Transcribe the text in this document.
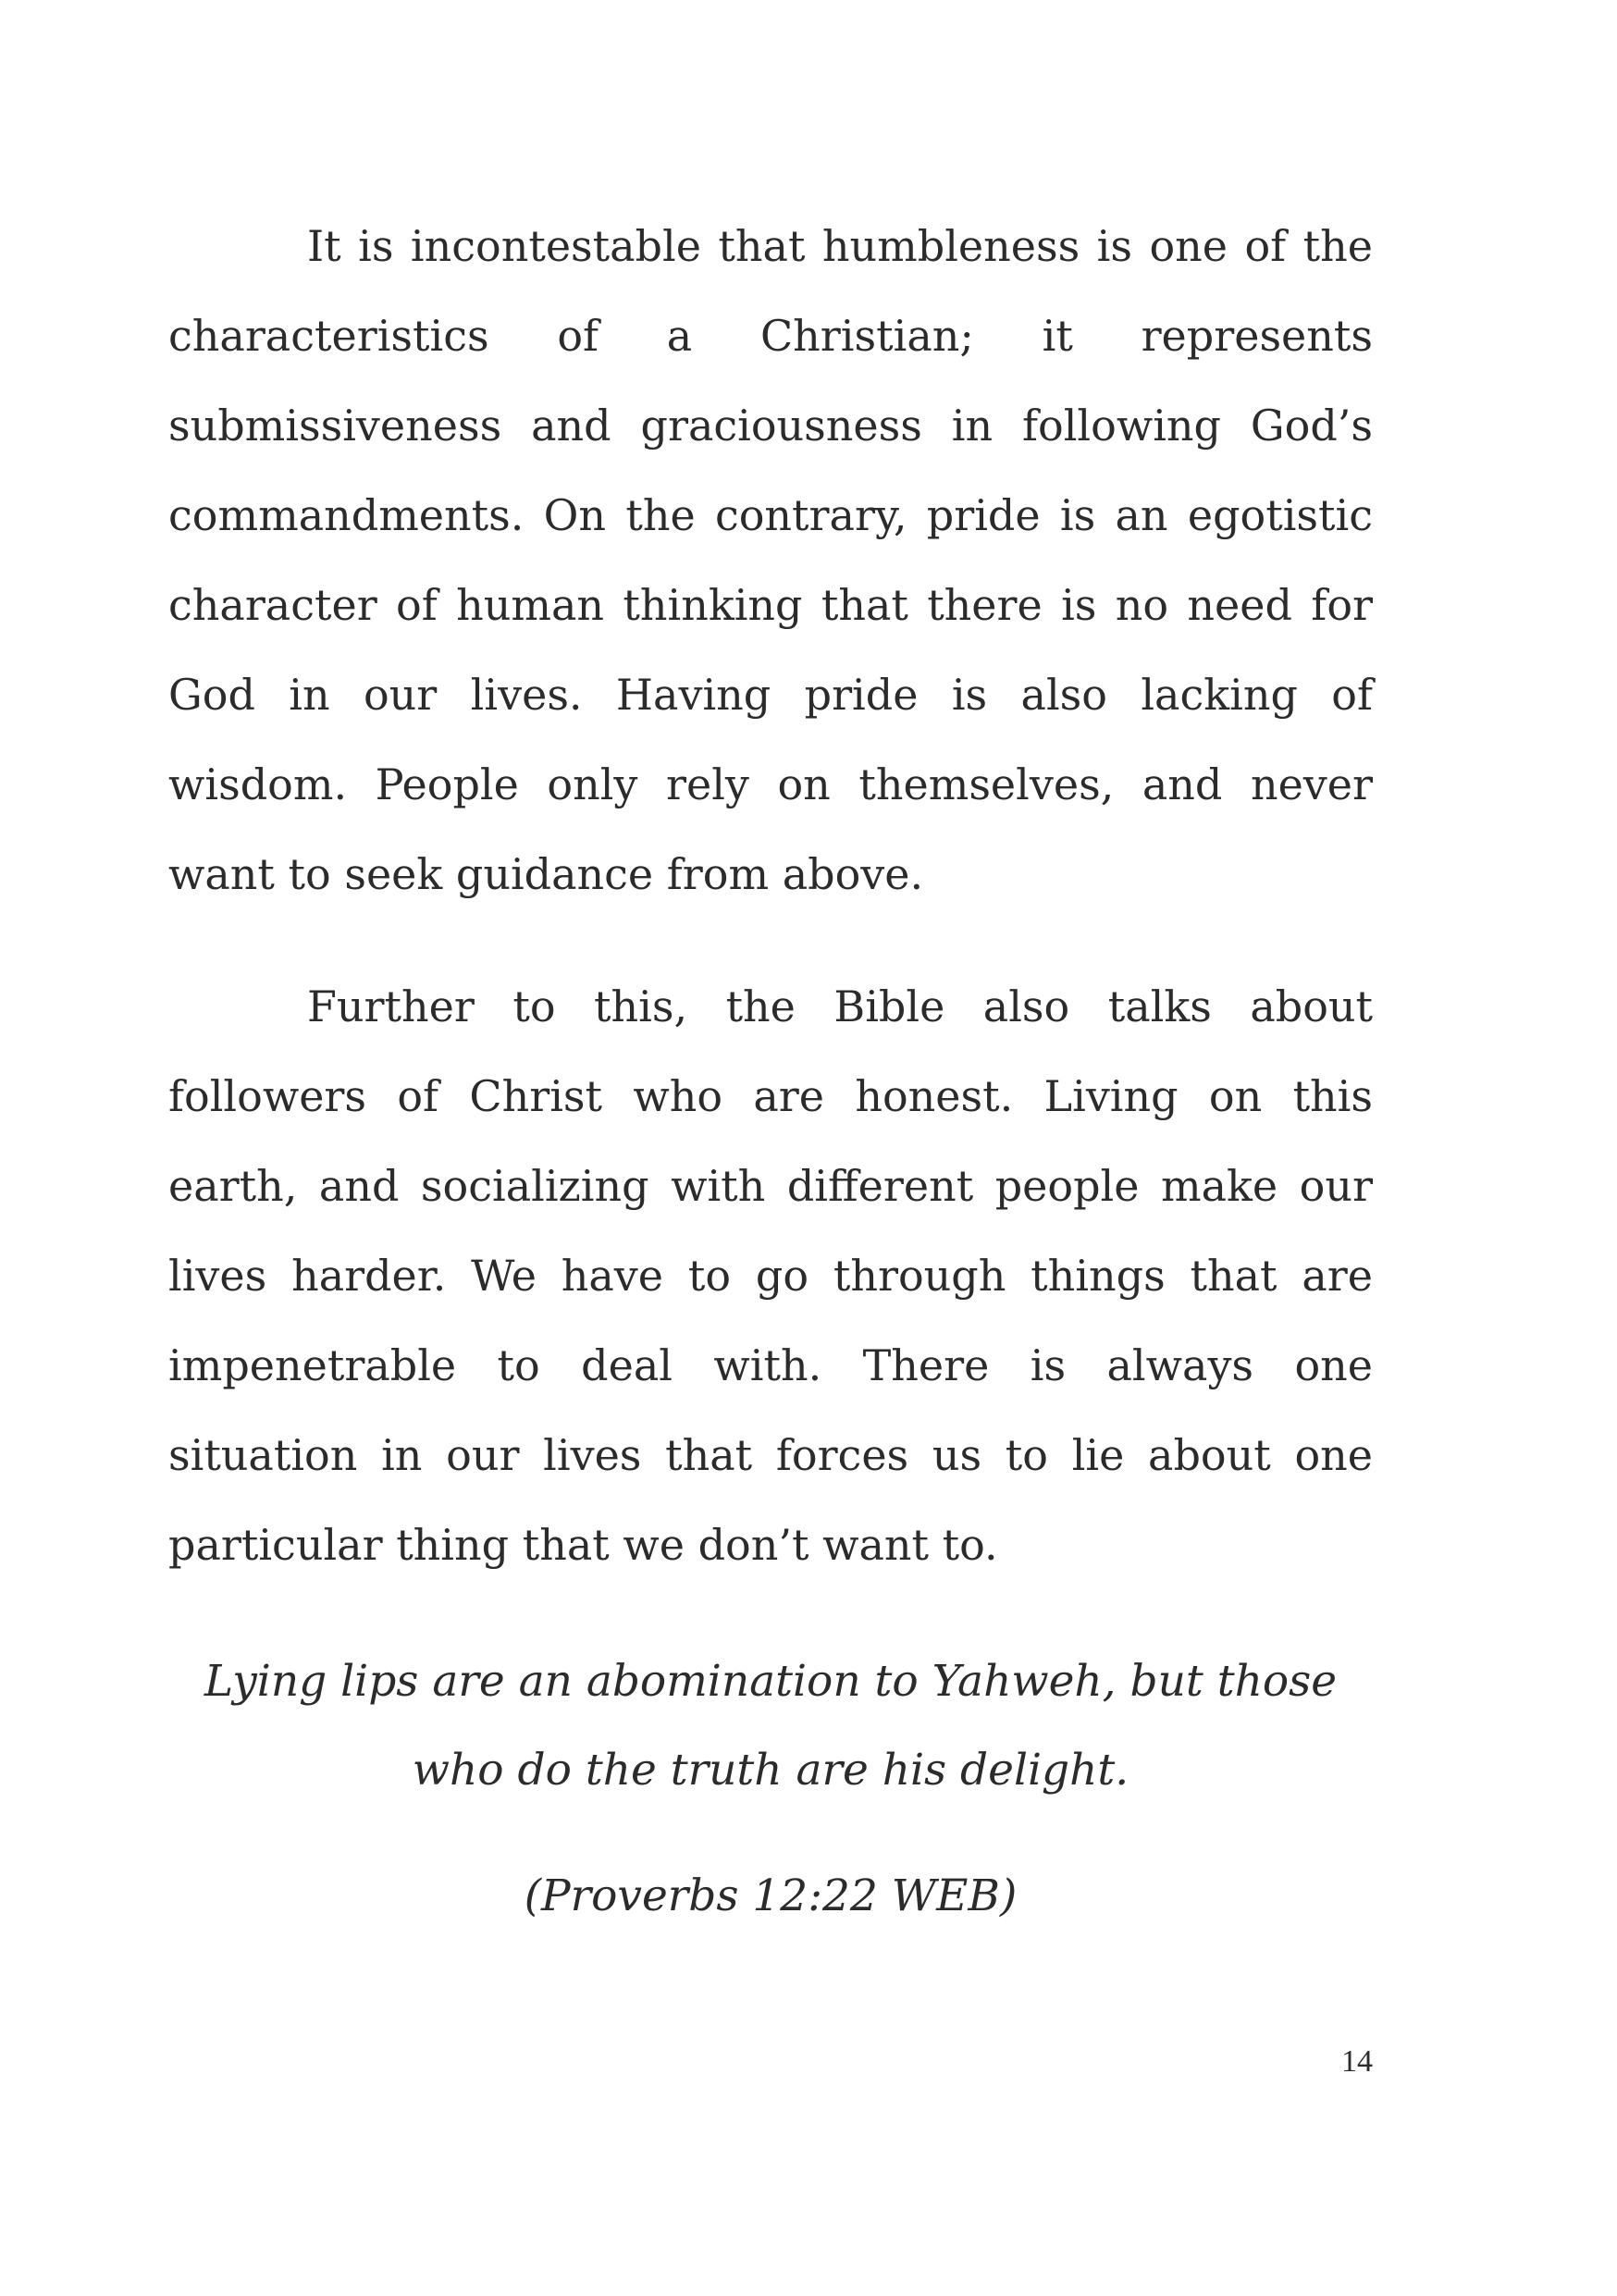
It is incontestable that humbleness is one of the characteristics of a Christian; it represents submissiveness and graciousness in following God’s commandments. On the contrary, pride is an egotistic character of human thinking that there is no need for God in our lives. Having pride is also lacking of wisdom. People only rely on themselves, and never want to seek guidance from above.

Further to this, the Bible also talks about followers of Christ who are honest. Living on this earth, and socializing with different people make our lives harder. We have to go through things that are impenetrable to deal with. There is always one situation in our lives that forces us to lie about one particular thing that we don’t want to.

Lying lips are an abomination to Yahweh, but those who do the truth are his delight.

(Proverbs 12:22 WEB)

14
